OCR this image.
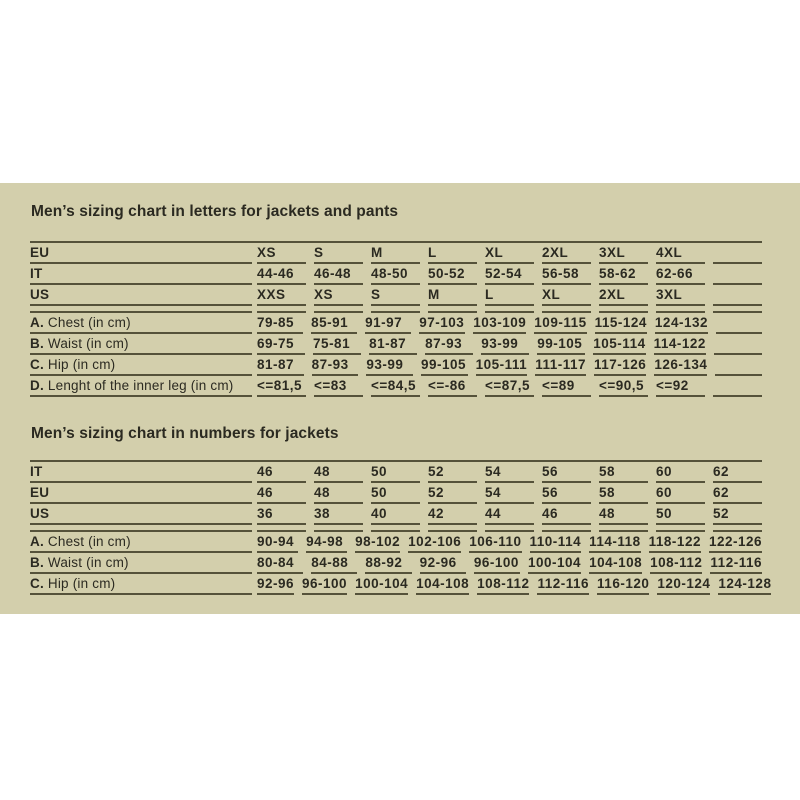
Men’s sizing chart in letters for jackets and pants
EU	XS	S	M	L	XL	2XL	3XL	4XL
IT	44-46	46-48	48-50	50-52	52-54	56-58	58-62	62-66
US	XXS	XS	S	M	L	XL	2XL	3XL
A. Chest (in cm)	79-85	85-91	91-97	97-103 103-109 109-115 115-124 124-132
B. Waist (in cm)	69-75	75-81	81-87	87-93	93-99	99-105 105-114 114-122
C. Hip (in cm)	81-87	87-93	93-99	99-105 105-111 111-117 117-126 126-134
D. Lenght of the inner leg (in cm) <=81,5 <=83	<=84,5 <=-86	<=87,5 <=89	<=90,5 <=92
Men’s sizing chart in numbers for jackets
IT	46	48	50	52	54	56	58	60	62
EU	46	48	50	52	54	56	58	60	62
US	36	38	40	42	44	46	48	50	52
A. Chest (in cm)	90-94 94-98 98-102 102-106 106-110 110-114 114-118 118-122 122-126
B. Waist (in cm)	80-84	84-88	88-92	92-96	96-100 100-104 104-108 108-112 112-116
C. Hip (in cm)	92-96 96-100 100-104 104-108 108-112 112-116 116-120 120-124 124-128
